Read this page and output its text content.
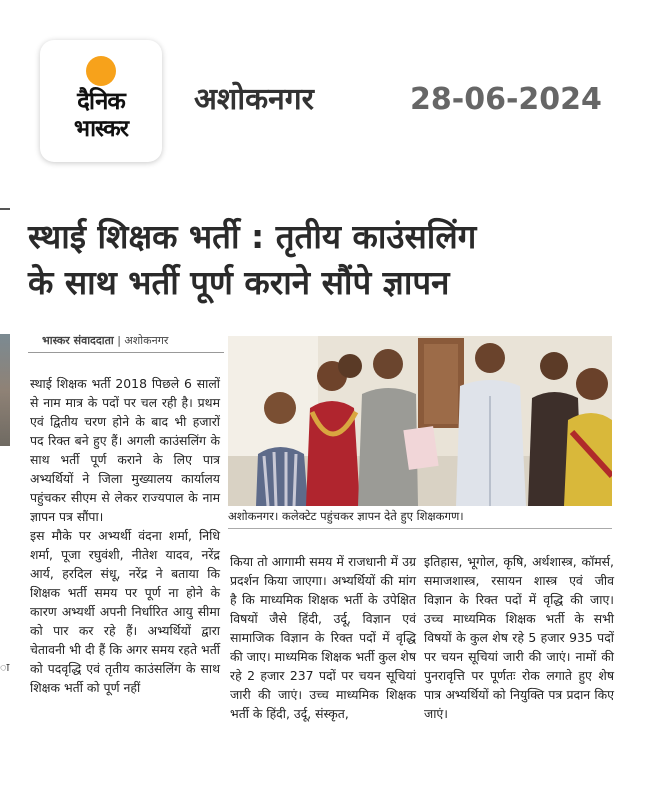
दैनिक
भास्कर
अशोकनगर	28-06-2024
स्थाई शिक्षक भर्ती : तृतीय काउंसलिंग
के साथ भर्ती पूर्ण कराने सौंपे ज्ञापन
भास्कर संवाददाता | अशोकनगर
अशोकनगर। कलेक्टेट पहुंचकर ज्ञापन देते हुए शिक्षकगण।

स्थाई शिक्षक भर्ती 2018 पिछले 6 सालों से नाम मात्र के पदों पर चल रही है। प्रथम एवं द्वितीय चरण होने के बाद भी हजारों पद रिक्त बने हुए हैं। अगली काउंसलिंग के साथ भर्ती पूर्ण कराने के लिए पात्र अभ्यर्थियों ने जिला मुख्यालय कार्यालय पहुंचकर सीएम से लेकर राज्यपाल के नाम ज्ञापन पत्र सौंपा।

इस मौके पर अभ्यर्थी वंदना शर्मा, निधि शर्मा, पूजा रघुवंशी, नीतेश यादव, नरेंद्र आर्य, हरदिल संधू, नरेंद्र ने बताया कि शिक्षक भर्ती समय पर पूर्ण ना होने के कारण अभ्यर्थी अपनी निर्धारित आयु सीमा को पार कर रहे हैं। अभ्यर्थियों द्वारा चेतावनी भी दी हैं कि अगर समय रहते भर्ती को पदवृद्धि एवं तृतीय काउंसलिंग के साथ शिक्षक भर्ती को पूर्ण नहीं

किया तो आगामी समय में राजधानी में उग्र प्रदर्शन किया जाएगा। अभ्यर्थियों की मांग है कि माध्यमिक शिक्षक भर्ती के उपेक्षित विषयों जैसे हिंदी, उर्दू, विज्ञान एवं सामाजिक विज्ञान के रिक्त पदों में वृद्धि की जाए। माध्यमिक शिक्षक भर्ती कुल शेष रहे 2 हजार 237 पदों पर चयन सूचियां जारी की जाएं। उच्च माध्यमिक शिक्षक भर्ती के हिंदी, उर्दू, संस्कृत,

इतिहास, भूगोल, कृषि, अर्थशास्त्र, कॉमर्स, समाजशास्त्र, रसायन शास्त्र एवं जीव विज्ञान के रिक्त पदों में वृद्धि की जाए। उच्च माध्यमिक शिक्षक भर्ती के सभी विषयों के कुल शेष रहे 5 हजार 935 पदों पर चयन सूचियां जारी की जाएं। नामों की पुनरावृत्ति पर पूर्णतः रोक लगाते हुए शेष पात्र अभ्यर्थियों को नियुक्ति पत्र प्रदान किए जाएं।

ा
